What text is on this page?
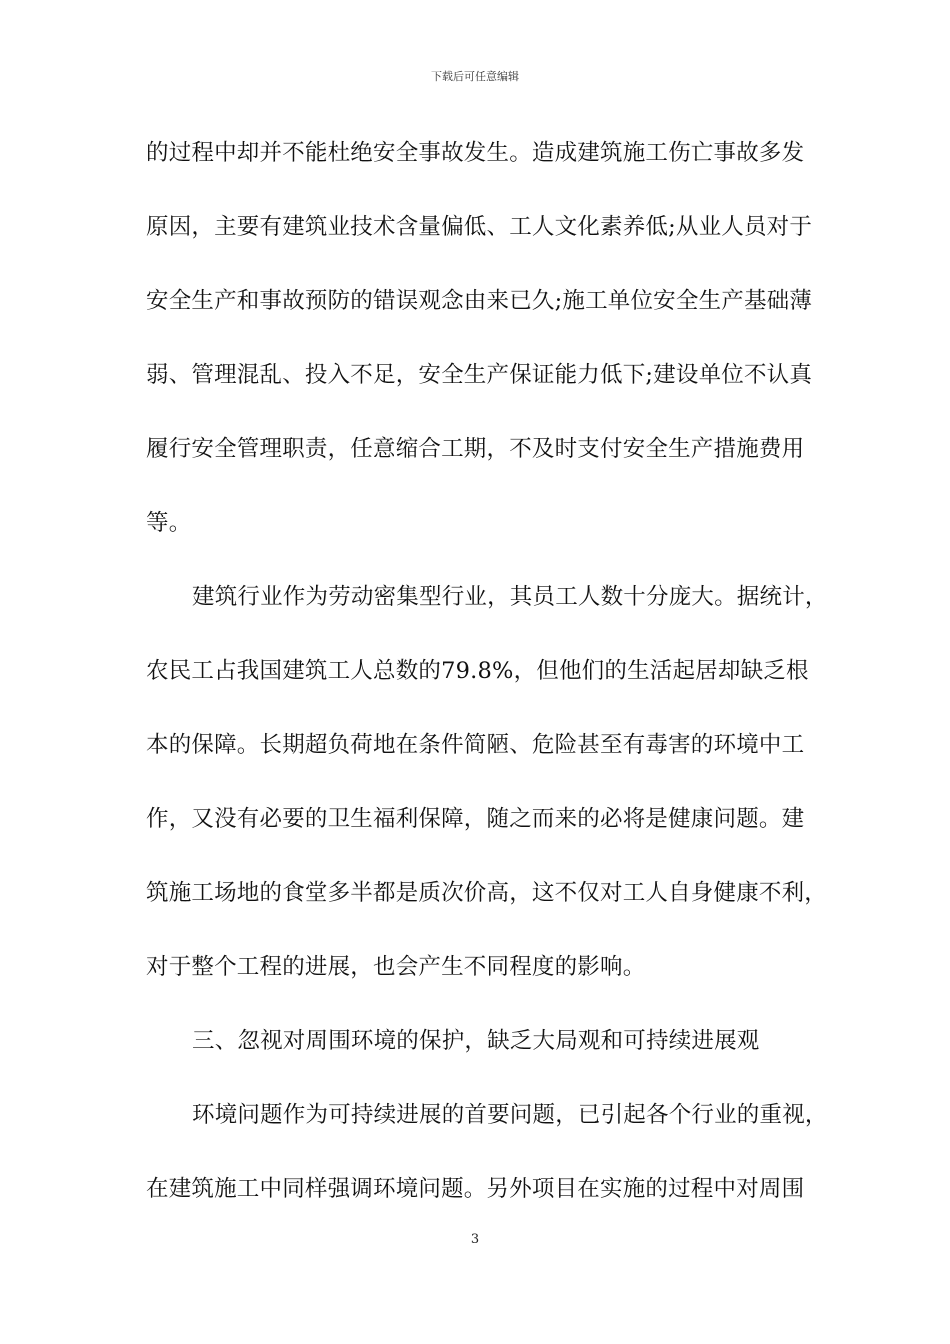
下载后可任意编辑
的过程中却并不能杜绝安全事故发生。造成建筑施工伤亡事故多发
原因，主要有建筑业技术含量偏低、工人文化素养低;从业人员对于
安全生产和事故预防的错误观念由来已久;施工单位安全生产基础薄
弱、管理混乱、投入不足，安全生产保证能力低下;建设单位不认真
履行安全管理职责，任意缩合工期，不及时支付安全生产措施费用
等。
建筑行业作为劳动密集型行业，其员工人数十分庞大。据统计，
农民工占我国建筑工人总数的79.8%，但他们的生活起居却缺乏根
本的保障。长期超负荷地在条件简陋、危险甚至有毒害的环境中工
作，又没有必要的卫生福利保障，随之而来的必将是健康问题。建
筑施工场地的食堂多半都是质次价高，这不仅对工人自身健康不利，
对于整个工程的进展，也会产生不同程度的影响。
三、忽视对周围环境的保护，缺乏大局观和可持续进展观
环境问题作为可持续进展的首要问题，已引起各个行业的重视，
在建筑施工中同样强调环境问题。另外项目在实施的过程中对周围
3
